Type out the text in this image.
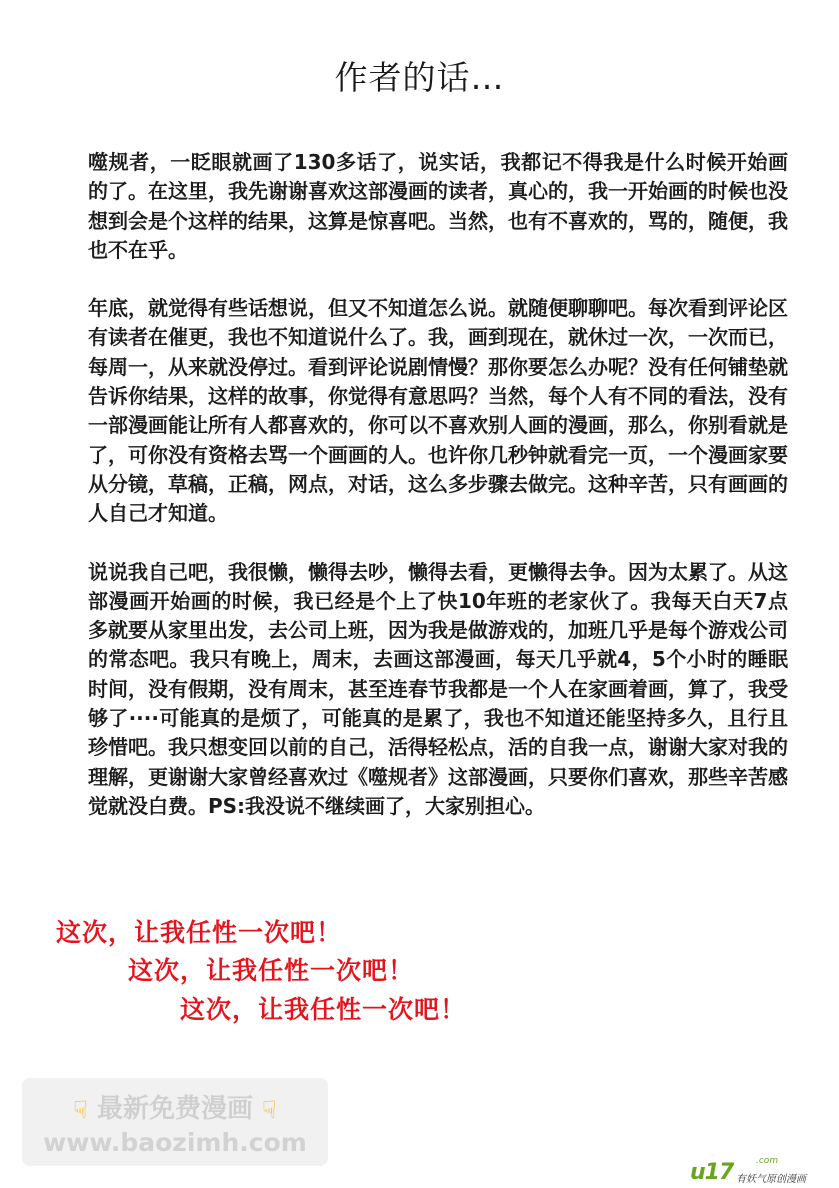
作者的话…

噬规者，一眨眼就画了130多话了，说实话，我都记不得我是什么时候开始画的了。在这里，我先谢谢喜欢这部漫画的读者，真心的，我一开始画的时候也没想到会是个这样的结果，这算是惊喜吧。当然，也有不喜欢的，骂的，随便，我也不在乎。

年底，就觉得有些话想说，但又不知道怎么说。就随便聊聊吧。每次看到评论区有读者在催更，我也不知道说什么了。我，画到现在，就休过一次，一次而已，每周一，从来就没停过。看到评论说剧情慢？那你要怎么办呢？没有任何铺垫就告诉你结果，这样的故事，你觉得有意思吗？当然，每个人有不同的看法，没有一部漫画能让所有人都喜欢的，你可以不喜欢别人画的漫画，那么，你别看就是了，可你没有资格去骂一个画画的人。也许你几秒钟就看完一页，一个漫画家要从分镜，草稿，正稿，网点，对话，这么多步骤去做完。这种辛苦，只有画画的人自己才知道。

说说我自己吧，我很懒，懒得去吵，懒得去看，更懒得去争。因为太累了。从这部漫画开始画的时候，我已经是个上了快10年班的老家伙了。我每天白天7点多就要从家里出发，去公司上班，因为我是做游戏的，加班几乎是每个游戏公司的常态吧。我只有晚上，周末，去画这部漫画，每天几乎就4，5个小时的睡眠时间，没有假期，没有周末，甚至连春节我都是一个人在家画着画，算了，我受够了····可能真的是烦了，可能真的是累了，我也不知道还能坚持多久，且行且珍惜吧。我只想变回以前的自己，活得轻松点，活的自我一点，谢谢大家对我的理解，更谢谢大家曾经喜欢过《噬规者》这部漫画，只要你们喜欢，那些辛苦感觉就没白费。PS:我没说不继续画了，大家别担心。

这次，让我任性一次吧！
这次，让我任性一次吧！
这次，让我任性一次吧！
☟ 最新免费漫画 ☟
www.baozimh.com
u17	.com
有妖气原创漫画
